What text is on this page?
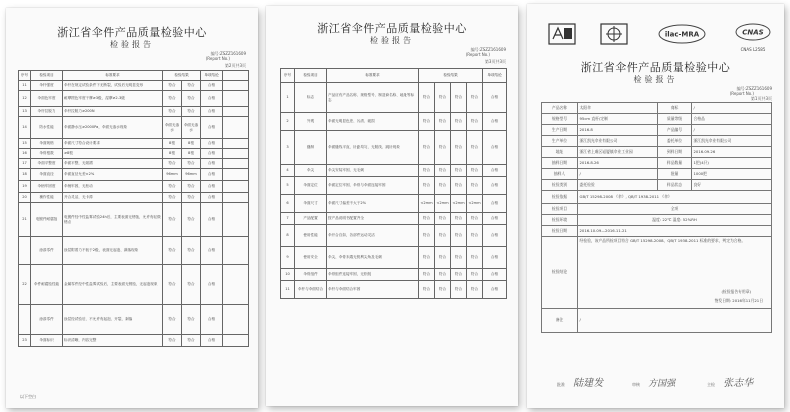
浙江省伞件产品质量检验中心
检验报告
编号:ZSZZ161609
(Report No.)
第2页共3页
序号	检验项目	标准要求	检验结果		单项结论	
11	伞杆强度	伞杆在规定试验条件下无断裂，试验后无明显变形	符合	符合	合格	
12	伞面色牢度	耐摩擦色牢度干摩≥3级，湿摩≥2-3级	符合	符合	合格	
13	伞杆拉脱力	伞杆拉脱力≥200N	符合	符合	合格	
14	防水性能	伞面静水压≥2000Pa，伞面无渗水现象	伞面无渗水	伞面无渗水	合格	
15	伞面规格	伞面尺寸符合设计要求	8根	8根	合格	
16	伞骨根数	≥8根	8根	8根	合格	
17	伞面平整度	伞面平整，无皱褶	符合	符合	合格	
18	伞面直径	伞面直径允差±2%	96mm	96mm	合格	
19	伞柄牢固度	伞柄牢固，无松动	符合	符合	合格	
20	操作性能	开合灵活，无卡滞	符合	符合	合格	
21	电镀件耐腐蚀	电镀件经中性盐雾试验24h后，主要表面无锈蚀，允许有轻微锈点	符合	符合	合格	
	涂漆零件	涂层附着力不低于2级，表面无起泡、剥落现象	符合	符合	合格	
22	伞件耐腐蚀性能	金属零件经中性盐雾试验后，主要表面无锈蚀，无起泡现象	符合	符合	合格	
	涂漆零件	涂层经试验后，不允许有起泡、开裂、剥落	符合	符合	合格	
23	伞面标识	标识清晰，内容完整	符合	符合	合格	
以下空白
浙江省伞件产品质量检验中心
检验报告
编号:ZSZZ161609
(Report No.)
第3页共3页
序号	检验项目	标准要求	检验结果				单项结论
1	标志	产品应有产品名称、规格型号、制造商名称、地址等标志	符合	符合	符合	符合	合格
2	外观	伞面无明显色差、污渍、破损	符合	符合	符合	符合	合格
3	缝制	伞面缝线平直，针距均匀，无脱线、跳针现象	符合	符合	符合	符合	合格
4	伞尖	伞尖安装牢固，无毛刺	符合	符合	符合	符合	合格
5	伞面定位	伞面定位牢固，伞骨与伞面连接牢固	符合	符合	符合	符合	合格
6	伞面尺寸	伞面尺寸偏差不大于2%	<2mm	<2mm	<2mm	<2mm	合格
7	产品配置	按产品说明书配置齐全	符合	符合	符合	符合	合格
8	使用性能	伞开合自如，各部件运动灵活	符合	符合	符合	符合	合格
9	使用安全	伞尖、伞骨末端无锐利尖角及毛刺	符合	符合	符合	符合	合格
10	伞骨组件	伞骨组件连接牢固，无松脱	符合	符合	符合	符合	合格
11	伞杆与伞面结合	伞杆与伞面结合牢固	符合	符合	符合	符合	合格
ilac-MRA	CNAS
CNAS L2585
浙江省伞件产品质量检验中心
检验报告
编号:ZSZZ161609
(Report No.)
第1页共3页
产品名称	太阳伞	商标	/
规格型号	95cm 直杆/定制	质量等级	合格品
生产日期	2016.8	产品编号	/
生产单位	浙江凯光伞业有限公司	委托单位	浙江凯光伞业有限公司
地址	浙江省上虞区崧厦镇伞业工业园	到样日期	2016.09.26
抽样日期	2016.8.26	样品数量	1把(4只)
抽样人	/	批量	1000把
检验类别	委托检验	样品状态	良好
检验依据	GB/T 15298-2008 《伞》, QB/T 1938-2011 《伞》		
检验项目	全项		
检验环境	温度: 22℃ 湿度: 52%RH		
检验日期	2016.10.09—2016.11.21		
检验结论	经检验，该产品所检项目符合 GB/T 15298-2008、QB/T 1938-2011 标准的要求，判定为合格。
(检验报告专用章)
签发日期: 2016年11月21日		

备注	/		
批准 陆建发	审核 方国强	主检 张志华
